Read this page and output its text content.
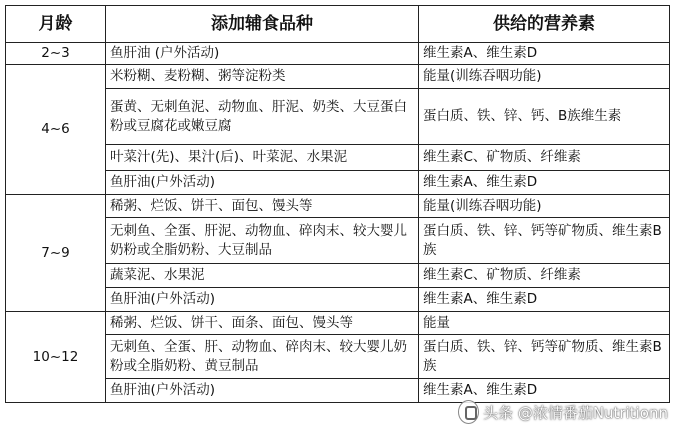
月龄	添加辅食品种	供给的营养素
2~3	鱼肝油 (户外活动)	维生素A、维生素D
4~6	米粉糊、麦粉糊、粥等淀粉类	能量(训练吞咽功能)
	蛋黄、无刺鱼泥、动物血、肝泥、奶类、大豆蛋白粉或豆腐花或嫩豆腐	蛋白质、铁、锌、钙、B族维生素
	叶菜汁(先)、果汁(后)、叶菜泥、水果泥	维生素C、矿物质、纤维素
	鱼肝油(户外活动)	维生素A、维生素D
7~9	稀粥、烂饭、饼干、面包、馒头等	能量(训练吞咽功能)
	无刺鱼、全蛋、肝泥、动物血、碎肉末、较大婴儿奶粉或全脂奶粉、大豆制品	蛋白质、铁、锌、钙等矿物质、维生素B族
	蔬菜泥、水果泥	维生素C、矿物质、纤维素
	鱼肝油(户外活动)	维生素A、维生素D
10~12	稀粥、烂饭、饼干、面条、面包、馒头等	能量
	无刺鱼、全蛋、肝、动物血、碎肉末、较大婴儿奶粉或全脂奶粉、黄豆制品	蛋白质、铁、锌、钙等矿物质、维生素B族
	鱼肝油(户外活动)	维生素A、维生素D
头条 @浓情番茄Nutritionn
